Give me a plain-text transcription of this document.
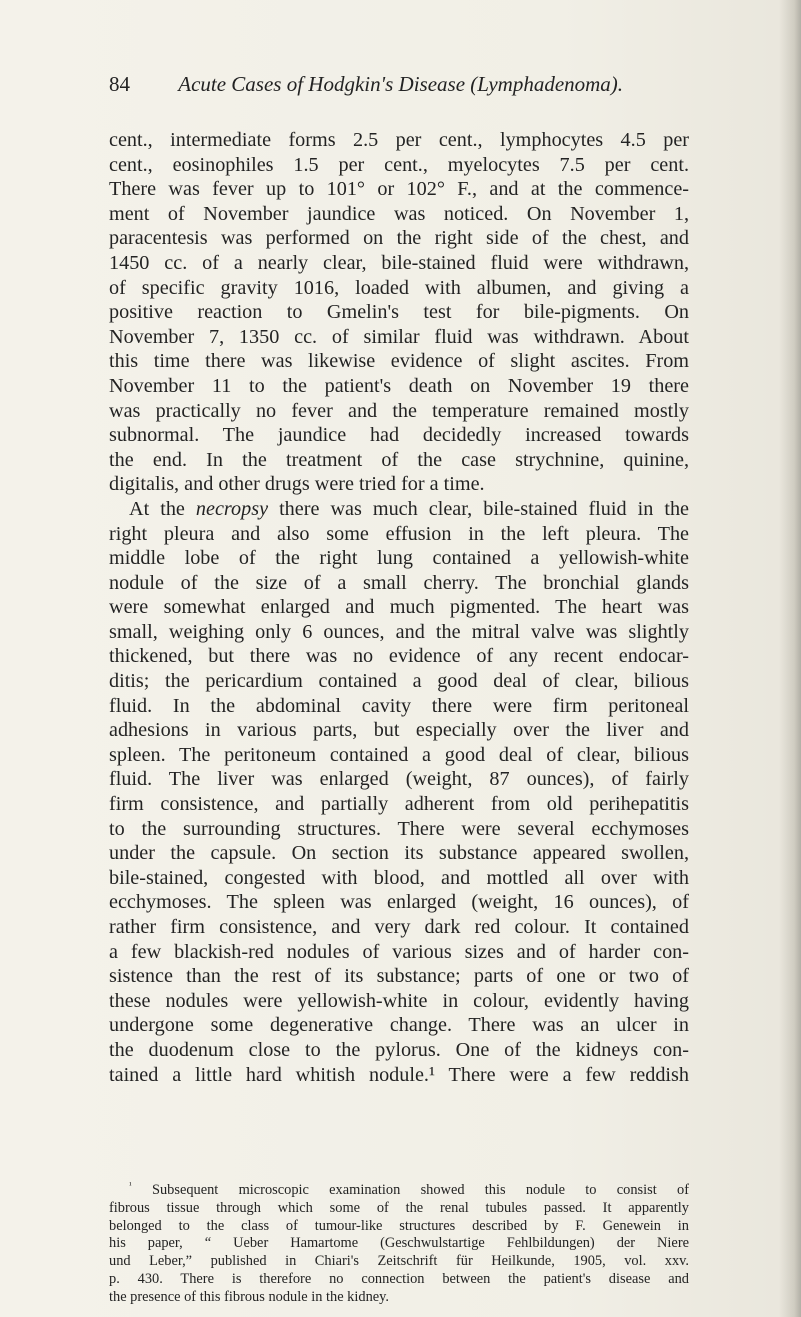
84 Acute Cases of Hodgkin's Disease (Lymphadenoma).
cent., intermediate forms 2.5 per cent., lymphocytes 4.5 per
cent., eosinophiles 1.5 per cent., myelocytes 7.5 per cent.
There was fever up to 101° or 102° F., and at the commence-
ment of November jaundice was noticed. On November 1,
paracentesis was performed on the right side of the chest, and
1450 cc. of a nearly clear, bile-stained fluid were withdrawn,
of specific gravity 1016, loaded with albumen, and giving a
positive reaction to Gmelin's test for bile-pigments. On
November 7, 1350 cc. of similar fluid was withdrawn. About
this time there was likewise evidence of slight ascites. From
November 11 to the patient's death on November 19 there
was practically no fever and the temperature remained mostly
subnormal. The jaundice had decidedly increased towards
the end. In the treatment of the case strychnine, quinine,
digitalis, and other drugs were tried for a time.
At the necropsy there was much clear, bile-stained fluid in the
right pleura and also some effusion in the left pleura. The
middle lobe of the right lung contained a yellowish-white
nodule of the size of a small cherry. The bronchial glands
were somewhat enlarged and much pigmented. The heart was
small, weighing only 6 ounces, and the mitral valve was slightly
thickened, but there was no evidence of any recent endocar-
ditis; the pericardium contained a good deal of clear, bilious
fluid. In the abdominal cavity there were firm peritoneal
adhesions in various parts, but especially over the liver and
spleen. The peritoneum contained a good deal of clear, bilious
fluid. The liver was enlarged (weight, 87 ounces), of fairly
firm consistence, and partially adherent from old perihepatitis
to the surrounding structures. There were several ecchymoses
under the capsule. On section its substance appeared swollen,
bile-stained, congested with blood, and mottled all over with
ecchymoses. The spleen was enlarged (weight, 16 ounces), of
rather firm consistence, and very dark red colour. It contained
a few blackish-red nodules of various sizes and of harder con-
sistence than the rest of its substance; parts of one or two of
these nodules were yellowish-white in colour, evidently having
undergone some degenerative change. There was an ulcer in
the duodenum close to the pylorus. One of the kidneys con-
tained a little hard whitish nodule.¹ There were a few reddish
$^{^1}$ Subsequent microscopic examination showed this nodule to consist of
fibrous tissue through which some of the renal tubules passed. It apparently
belonged to the class of tumour-like structures described by F. Genewein in
his paper, “ Ueber Hamartome (Geschwulstartige Fehlbildungen) der Niere
und Leber,” published in Chiari's Zeitschrift für Heilkunde, 1905, vol. xxv.
p. 430. There is therefore no connection between the patient's disease and
the presence of this fibrous nodule in the kidney.
